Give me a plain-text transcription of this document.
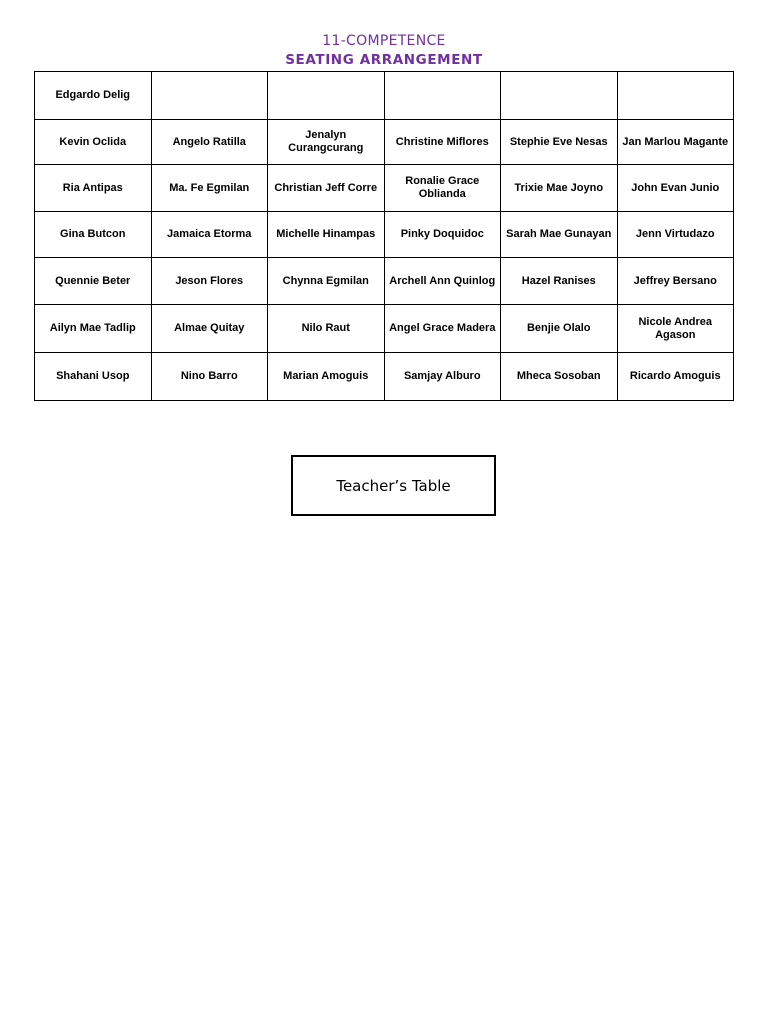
11-COMPETENCE
SEATING ARRANGEMENT
Edgardo Delig					
Kevin Oclida	Angelo Ratilla	Jenalyn Curangcurang	Christine Miflores	Stephie Eve Nesas	Jan Marlou Magante
Ria Antipas	Ma. Fe Egmilan	Christian Jeff Corre	Ronalie Grace Oblianda	Trixie Mae Joyno	John Evan Junio
Gina Butcon	Jamaica Etorma	Michelle Hinampas	Pinky Doquidoc	Sarah Mae Gunayan	Jenn Virtudazo
Quennie Beter	Jeson Flores	Chynna Egmilan	Archell Ann Quinlog	Hazel Ranises	Jeffrey Bersano
Ailyn Mae Tadlip	Almae Quitay	Nilo Raut	Angel Grace Madera	Benjie Olalo	Nicole Andrea Agason
Shahani Usop	Nino Barro	Marian Amoguis	Samjay Alburo	Mheca Sosoban	Ricardo Amoguis
Teacher’s Table
